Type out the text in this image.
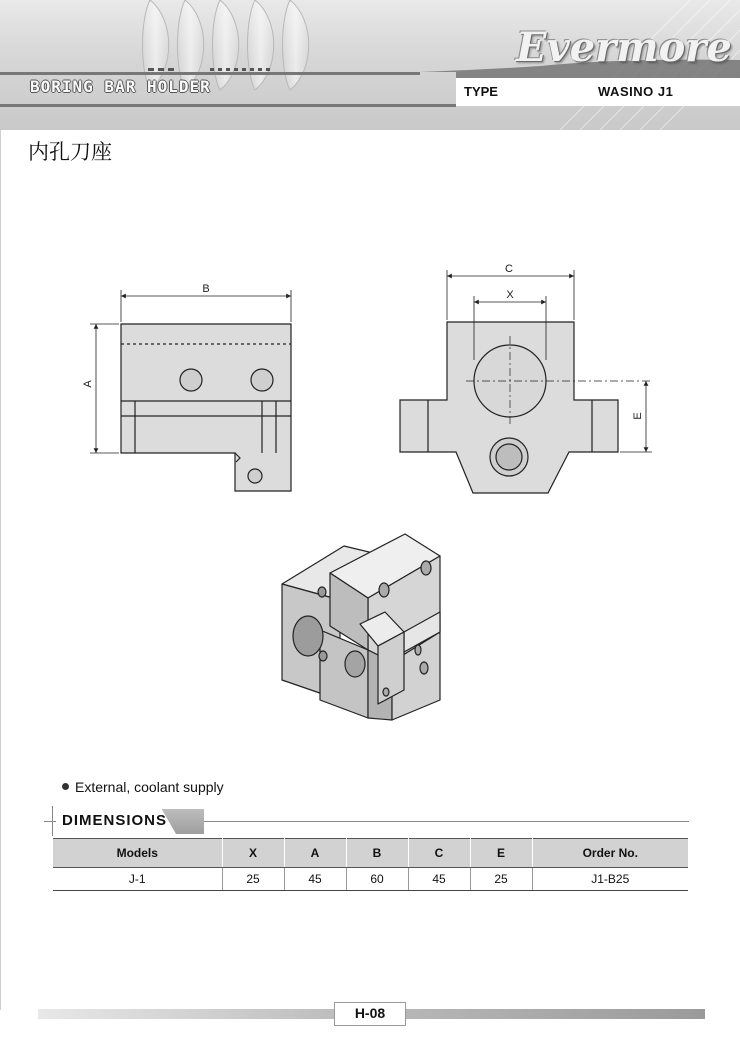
Evermore
BORING BAR HOLDER	TYPE	WASINO J1
内孔刀座
B
A
C
X
E
External, coolant supply
DIMENSIONS
Models	X	A	B	C	E	Order No.
J-1	25	45	60	45	25	J1-B25
H-08
